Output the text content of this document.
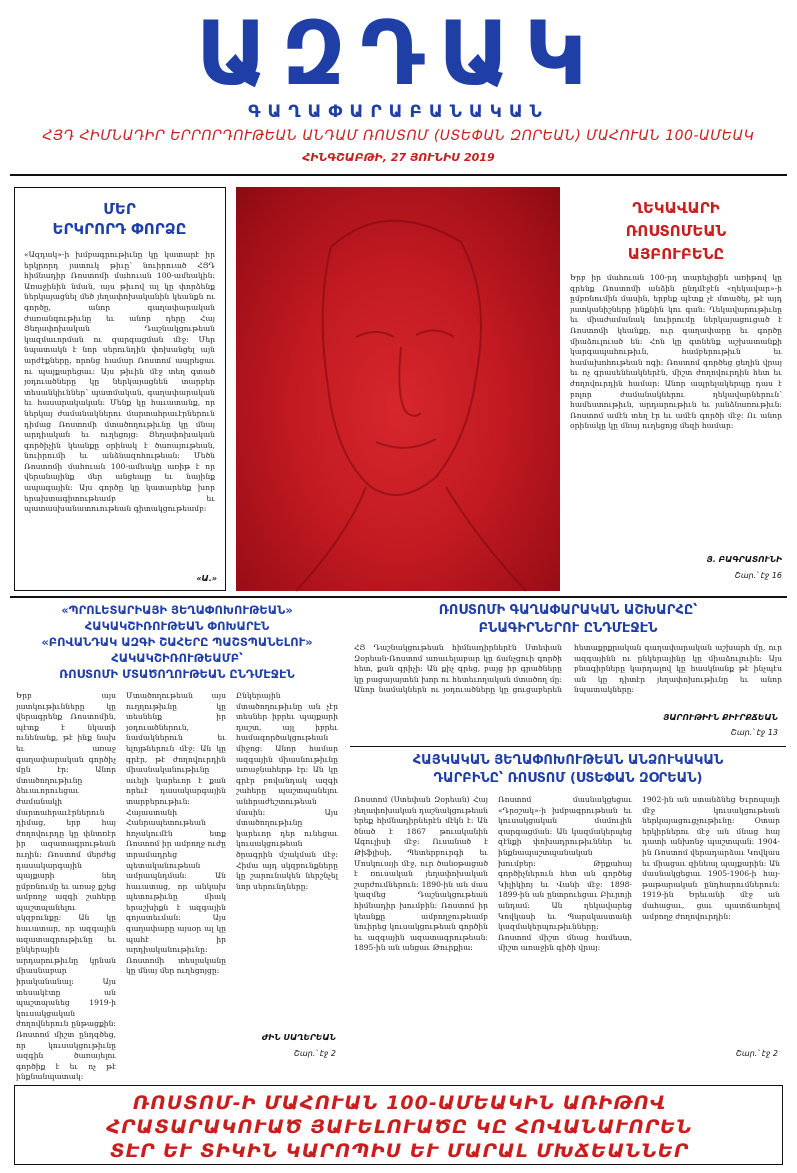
ԱԶԴԱԿ
ԳԱՂԱՓԱՐԱԲԱՆԱԿԱՆ
ՀՅԴ ՀԻՄՆԱԴԻՐ ԵՐՐՈՐԴՈՒԹԵԱՆ ԱՆԴԱՄ ՌՈՍՏՈՄ (ՍՏԵՓԱՆ ԶՈՐԵԱՆ) ՄԱՀՈՒԱՆ 100-ԱՄԵԱԿ
ՀԻՆԳՇԱԲԹԻ, 27 ՅՈՒՆԻՍ 2019
ՄԵՐ
ԵՐԿՐՈՐԴ ՓՈՐՁԸ
«Ազդակ»-ի խմբագրութիւնը կը կատարէ իր երկրորդ յատուկ թիւը՝ նուիրուած ՀՅԴ հիմնադիր Ռոստոմի մահուան 100-ամեակին։ Առաջինին նման, այս թիւով ալ կը փորձենք ներկայացնել մեծ յեղափոխականին կեանքն ու գործը, անոր գաղափարական ժառանգութիւնը եւ անոր դերը Հայ Յեղափոխական Դաշնակցութեան կազմաւորման ու զարգացման մէջ։ Մեր նպատակն է նոր սերունդին փոխանցել այն արժէքները, որոնց համար Ռոստոմ ապրեցաւ ու պայքարեցաւ։ Այս թիւին մէջ տեղ գտած յօդուածները կը ներկայացնեն տարբեր տեսանկիւններ՝ պատմական, գաղափարական եւ հասարակական։ Մենք կը հաւատանք, որ ներկայ ժամանակներու մարտահրաւէրներուն դիմաց Ռոստոմի մտածողութիւնը կը մնայ արդիական եւ ուղեցոյց։ Յեղափոխական գործիչին կեանքը օրինակ է ծառայութեան, նուիրումի եւ անձնազոհութեան։ Մեծն Ռոստոմի մահուան 100-ամեակը առիթ է որ վերանայինք մեր անցեալը եւ նայինք ապագային։ Այս գործը կը կատարենք խոր երախտագիտութեամբ եւ պատասխանատուութեան գիտակցութեամբ։
«Ա.»
ՂԵԿԱՎԱՐԻ
ՌՈՍՏՈՄԵԱՆ
ԱՅԲՈՒԲԵՆԸ
Երբ իր մահուան 100-րդ տարելիցին առիթով կը գրենք Ռոստոմի անձին ընդմէջէն «ղեկավար»-ի ըմբռնումին մասին, երբեք պէտք չէ մտածել, թէ այդ յատկանիշները ինքնին կու գան։ Ղեկավարութիւնը եւ միաժամանակ նուիրումը ներկայացուցած է Ռոստոմի կեանքը, ուր գաղափարը եւ գործը միաձուլուած են։ Հոն կը գտնենք աշխատանքի կարգապահութիւն, համբերութիւն եւ համախոհութեան ոգի։ Ռոստոմ գործեց ցեղին վրայ եւ ոչ գրասենեակներէն, միշտ ժողովուրդին հետ եւ ժողովուրդին համար։ Անոր ապրելակերպը դաս է բոլոր ժամանակներու ղեկավարներուն՝ համեստութիւն, արդարութիւն եւ յանձնառութիւն։ Ռոստոմ ամէն տեղ էր եւ ամէն գործի մէջ։ Ու անոր օրինակը կը մնայ ուղեցոյց մեզի համար։
Յ. ԲԱԳՐԱՏՈՒՆԻ
Շար.՝ էջ 16
«ՊՐՈԼԵՏԱՐԻԱՅԻ ՅԵՂԱՓՈԽՈՒԹԵԱՆ»
ՀԱԿԱԿՇԻՌՈՒԹԵԱՆ ՓՈԽԱՐԷՆ
«ԲՈՎԱՆԴԱԿ ԱԶԳԻ ՇԱՀԵՐԸ ՊԱՇՏՊԱՆԵԼՈՒ»
ՀԱԿԱԿՇԻՌՈՒԹԵԱՄԲ՝
ՌՈՍՏՈՄԻ ՄՏԱԾՈՂՈՒԹԵԱՆ ԸՆԴՄԷՋԷՆ
Երբ այս յատկութիւնները կը վերագրենք Ռոստոմին, պէտք է նկատի ունենանք, թէ ինք նախ եւ առաջ գաղափարական գործիչ մըն էր։ Անոր մտածողութիւնը ձեւաւորուեցաւ ժամանակի մարտահրաւէրներուն դիմաց, երբ հայ ժողովուրդը կը փնտռէր իր ազատագրութեան ուղին։ Ռոստոմ մերժեց դասակարգային պայքարի նեղ ըմբռնումը եւ առաջ քշեց ամբողջ ազգի շահերը պաշտպանելու սկզբունքը։ Ան կը հաւատար, որ ազգային ազատագրութիւնը եւ ընկերային արդարութիւնը կրնան միասնաբար իրականանալ։ Այս տեսակէտը ան պաշտպանեց 1919-ի կուսակցական ժողովներուն ընթացքին։ Ռոստոմ միշտ ընդգծեց, որ կուսակցութիւնը ազգին ծառայելու գործիք է եւ ոչ թէ ինքնանպատակ։
Մտածողութեան այս ուղղութիւնը կը տեսնենք իր յօդուածներուն, նամակներուն եւ ելոյթներուն մէջ։ Ան կը գրէր, թէ ժողովուրդին միասնականութիւնը աւելի կարեւոր է քան որեւէ դասակարգային տարբերութիւն։ Հայաստանի Հանրապետութեան հռչակումէն ետք Ռոստոմ իր ամբողջ ուժը տրամադրեց պետականութեան ամրապնդման։ Ան հաւատաց, որ անկախ պետութիւնը միակ երաշխիքն է ազգային գոյատեւման։ Այս գաղափարը այսօր ալ կը պահէ իր արդիականութիւնը։ Ռոստոմի տեսլականը կը մնայ մեր ուղեցոյցը։
Ընկերային մտածողութիւնը ան չէր տեսներ իբրեւ պայքարի դաշտ, այլ իբրեւ համագործակցութեան միջոց։ Անոր համար ազգային միասնութիւնը առաջնահերթ էր։ Ան կը գրէր բովանդակ ազգի շահերը պաշտպանելու անհրաժեշտութեան մասին։ Այս մտածողութիւնը կարեւոր դեր ունեցաւ կուսակցութեան ծրագրին մշակման մէջ։ Հիմա այդ սկզբունքները կը շարունակեն ներշնչել նոր սերունդները։
ԺԻՆ ՍԱՂԵՐԵԱՆ
Շար.՝ էջ 2
ՌՈՍՏՈՄԻ ԳԱՂԱՓԱՐԱԿԱՆ ԱՇԽԱՐՀԸ՝
ԲՆԱԳԻՐՆԵՐՈՒ ԸՆԴՄԷՋԷՆ
ՀՅ Դաշնակցութեան հիմնադիրներէն Ստեփան Զօրեան-Ռոստոմ առաւելաբար կը ճանչցուի գործի հետ, քան գրիչի։ Ան քիչ գրեց, բայց իր գրածները կը բացայայտեն խոր ու հետեւողական մտածող մը։ Անոր նամակներն ու յօդուածները կը ցուցաբերեն հետաքրքրական գաղափարական աշխարհ մը, ուր ազգայինն ու ընկերայինը կը միաձուլուին։ Այս բնագիրները կարդալով կը հասկնանք թէ ինչպէս ան կը դիտէր յեղափոխութիւնը եւ անոր նպատակները։
ՅԱՐՈՒԹԻՒՆ ՔԻՒՐՔՃԵԱՆ
Շար.՝ էջ 13
ՀԱՅԿԱԿԱՆ ՅԵՂԱՓՈԽՈՒԹԵԱՆ ԱՆՁՈՒԿԱԿԱՆ
ԴԱՐԲԻՆԸ՝ ՌՈՍՏՈՄ (ՍՏԵՓԱՆ ԶՕՐԵԱՆ)
Ռոստոմ (Ստեփան Զօրեան) Հայ յեղափոխական դաշնակցութեան երեք հիմնադիրներէն մէկն է։ Ան ծնած է 1867 թուականին Ագուլիսի մէջ։ Ուսանած է Թիֆլիսի, Պետերբուրգի եւ Մոսկուայի մէջ, ուր ծանօթացած է ռուսական յեղափոխական շարժումներուն։ 1890-ին ան մաս կազմեց Դաշնակցութեան հիմնադիր խումբին։ Ռոստոմ իր կեանքը ամբողջութեամբ նուիրեց կուսակցութեան գործին եւ ազգային ազատագրութեան։ 1895-ին ան անցաւ Թուրքիա։
Ռոստոմ մասնակցեցաւ «Դրօշակ»-ի խմբագրութեան եւ կուսակցական մամուլին զարգացման։ Ան կազմակերպեց զէնքի փոխադրութիւններ եւ ինքնապաշտպանական խումբեր։ Թրքահայ գործիչներուն հետ ան գործեց Կիլիկիոյ եւ Վանի մէջ։ 1898-1899-ին ան ընտրուեցաւ Բիւրոյի անդամ։ Ան ղեկավարեց Կովկասի եւ Պարսկաստանի կազմակերպութիւնները։ Ռոստոմ միշտ մնաց համեստ, միշտ առաջին գիծի վրայ։
1902-ին ան ստանձնեց Եւրոպայի մէջ կուսակցութեան ներկայացուցչութիւնը։ Օտար երկիրներու մէջ ան մնաց հայ դատի անխոնջ պաշտպան։ 1904-ին Ռոստոմ վերադարձաւ Կովկաս եւ միացաւ զինեալ պայքարին։ Ան մասնակցեցաւ 1905-1906-ի հայ-թաթարական ընդհարումներուն։ 1919-ին Երեւանի մէջ ան մահացաւ, ցաւ պատճառելով ամբողջ ժողովուրդին։
Շար.՝ էջ 2
ՌՈՍՏՈՄ-Ի ՄԱՀՈՒԱՆ 100-ԱՄԵԱԿԻՆ ԱՌԻԹՈՎ
ՀՐԱՏԱՐԱԿՈՒԱԾ ՅԱՒԵԼՈՒԱԾԸ ԿԸ ՀՈՎԱՆԱՒՈՐԵՆ
ՏԷՐ ԵՒ ՏԻԿԻՆ ԿԱՐՈՊԻՍ ԵՒ ՄԱՐԱԼ ՄԽՃԵԱՆՆԵՐ
